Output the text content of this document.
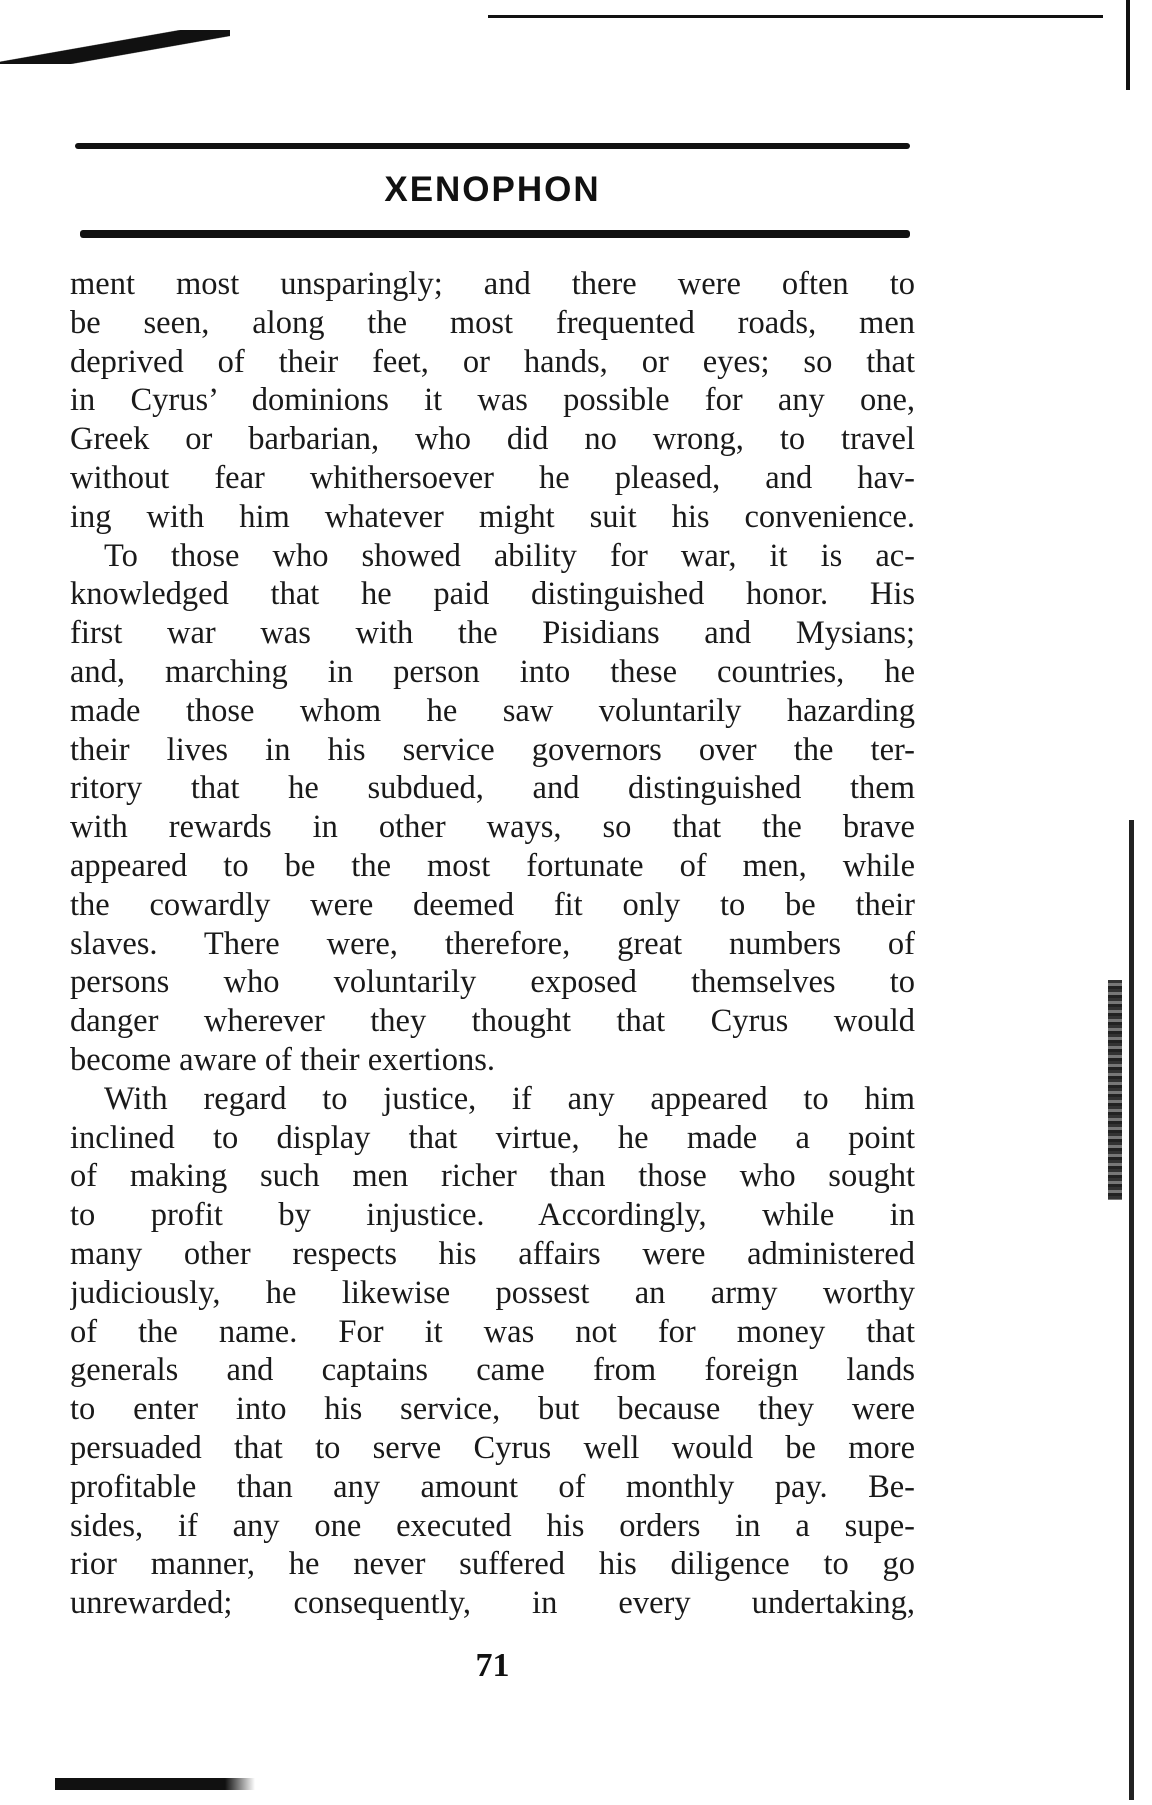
XENOPHON
ment most unsparingly; and there were often to
be seen, along the most frequented roads, men
deprived of their feet, or hands, or eyes; so that
in Cyrus’ dominions it was possible for any one,
Greek or barbarian, who did no wrong, to travel
without fear whithersoever he pleased, and hav-
ing with him whatever might suit his convenience.
To those who showed ability for war, it is ac-
knowledged that he paid distinguished honor. His
first war was with the Pisidians and Mysians;
and, marching in person into these countries, he
made those whom he saw voluntarily hazarding
their lives in his service governors over the ter-
ritory that he subdued, and distinguished them
with rewards in other ways, so that the brave
appeared to be the most fortunate of men, while
the cowardly were deemed fit only to be their
slaves. There were, therefore, great numbers of
persons who voluntarily exposed themselves to
danger wherever they thought that Cyrus would
become aware of their exertions.
With regard to justice, if any appeared to him
inclined to display that virtue, he made a point
of making such men richer than those who sought
to profit by injustice. Accordingly, while in
many other respects his affairs were administered
judiciously, he likewise possest an army worthy
of the name. For it was not for money that
generals and captains came from foreign lands
to enter into his service, but because they were
persuaded that to serve Cyrus well would be more
profitable than any amount of monthly pay. Be-
sides, if any one executed his orders in a supe-
rior manner, he never suffered his diligence to go
unrewarded; consequently, in every undertaking,
71
